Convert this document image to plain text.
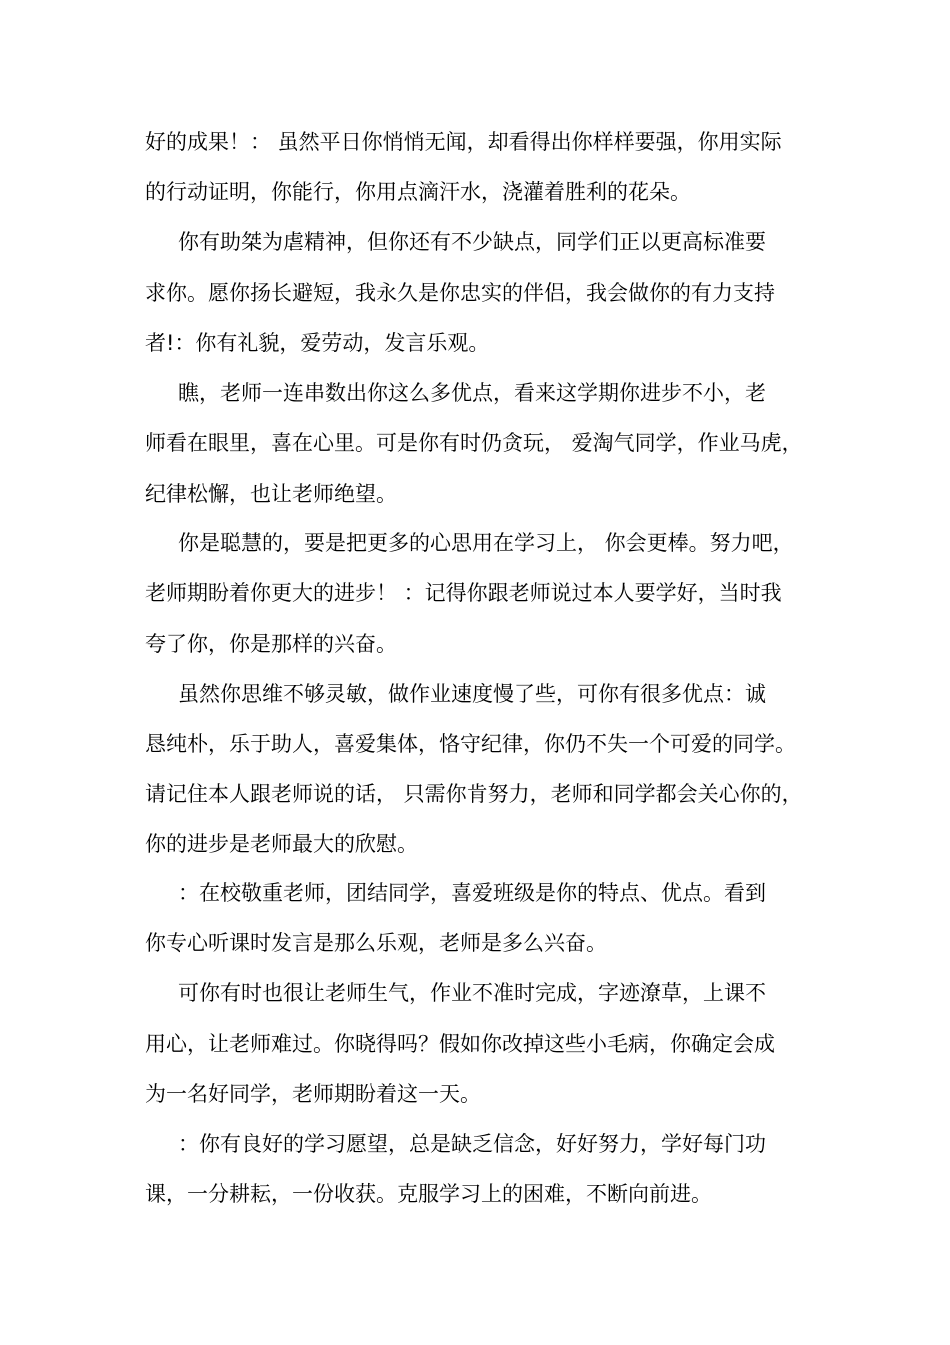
好的成果！： 虽然平日你悄悄无闻，却看得出你样样要强，你用实际

的行动证明，你能行，你用点滴汗水，浇灌着胜利的花朵。

你有助桀为虐精神，但你还有不少缺点，同学们正以更高标准要

求你。愿你扬长避短，我永久是你忠实的伴侣，我会做你的有力支持

者!：你有礼貌，爱劳动，发言乐观。

瞧，老师一连串数出你这么多优点，看来这学期你进步不小，老

师看在眼里，喜在心里。可是你有时仍贪玩， 爱淘气同学，作业马虎，

纪律松懈，也让老师绝望。

你是聪慧的，要是把更多的心思用在学习上， 你会更棒。努力吧，

老师期盼着你更大的进步！ ：记得你跟老师说过本人要学好，当时我

夸了你，你是那样的兴奋。

虽然你思维不够灵敏，做作业速度慢了些，可你有很多优点：诚

恳纯朴，乐于助人，喜爱集体，恪守纪律，你仍不失一个可爱的同学。

请记住本人跟老师说的话， 只需你肯努力，老师和同学都会关心你的，

你的进步是老师最大的欣慰。

：在校敬重老师，团结同学，喜爱班级是你的特点、优点。看到

你专心听课时发言是那么乐观，老师是多么兴奋。

可你有时也很让老师生气，作业不准时完成，字迹潦草，上课不

用心，让老师难过。你晓得吗？假如你改掉这些小毛病，你确定会成

为一名好同学，老师期盼着这一天。

：你有良好的学习愿望，总是缺乏信念，好好努力，学好每门功

课，一分耕耘，一份收获。克服学习上的困难，不断向前进。
